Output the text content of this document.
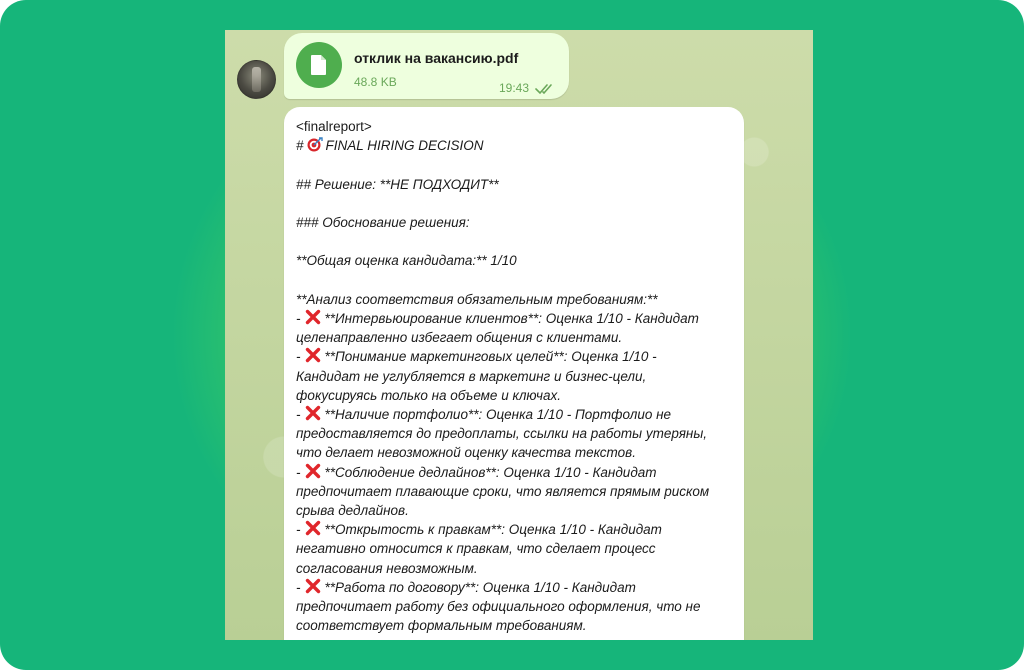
отклик на вакансию.pdf
48.8 KB	19:43
<finalreport>
# FINAL HIRING DECISION
## Решение: **НЕ ПОДХОДИТ**
### Обоснование решения:
**Общая оценка кандидата:** 1/10
**Анализ соответствия обязательным требованиям:**
- **Интервьюирование клиентов**: Оценка 1/10 - Кандидат
целенаправленно избегает общения с клиентами.
- **Понимание маркетинговых целей**: Оценка 1/10 -
Кандидат не углубляется в маркетинг и бизнес-цели,
фокусируясь только на объеме и ключах.
- **Наличие портфолио**: Оценка 1/10 - Портфолио не
предоставляется до предоплаты, ссылки на работы утеряны,
что делает невозможной оценку качества текстов.
- **Соблюдение дедлайнов**: Оценка 1/10 - Кандидат
предпочитает плавающие сроки, что является прямым риском
срыва дедлайнов.
- **Открытость к правкам**: Оценка 1/10 - Кандидат
негативно относится к правкам, что сделает процесс
согласования невозможным.
- **Работа по договору**: Оценка 1/10 - Кандидат
предпочитает работу без официального оформления, что не
соответствует формальным требованиям.
